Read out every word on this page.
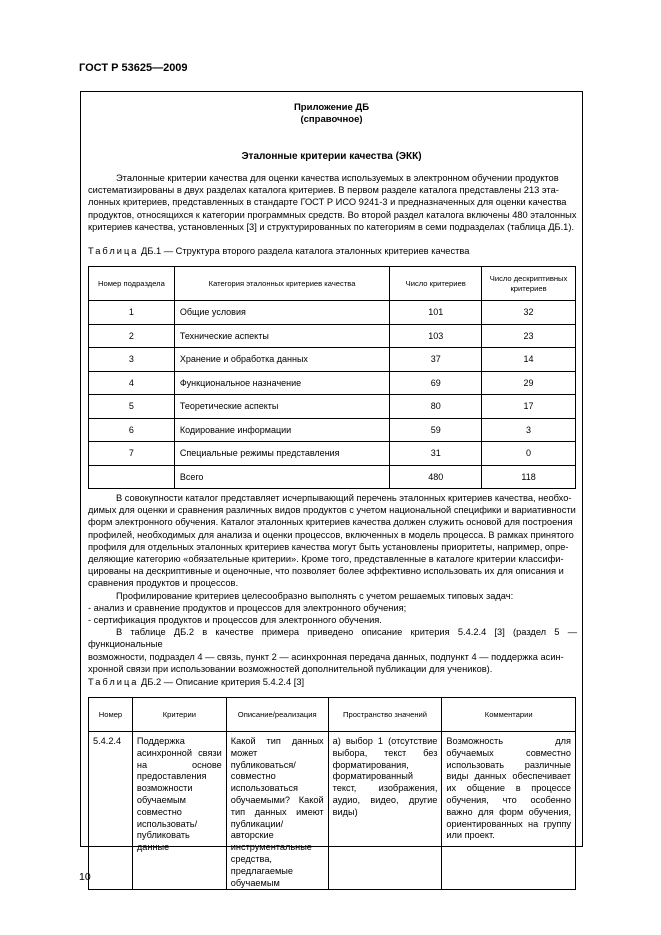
ГОСТ Р 53625—2009
Приложение ДБ
(справочное)
Эталонные критерии качества (ЭКК)
Эталонные критерии качества для оценки качества используемых в электронном обучении продуктов
систематизированы в двух разделах каталога критериев. В первом разделе каталога представлены 213 эта-
лонных критериев, представленных в стандарте ГОСТ Р ИСО 9241-3 и предназначенных для оценки качества
продуктов, относящихся к категории программных средств. Во второй раздел каталога включены 480 эталонных
критериев качества, установленных [3] и структурированных по категориям в семи подразделах (таблица ДБ.1).
Таблица ДБ.1 — Структура второго раздела каталога эталонных критериев качества
Номер подраздела	Категория эталонных критериев качества	Число критериев	Число дескриптивных критериев
1	Общие условия	101	32
2	Технические аспекты	103	23
3	Хранение и обработка данных	37	14
4	Функциональное назначение	69	29
5	Теоретические аспекты	80	17
6	Кодирование информации	59	3
7	Специальные режимы представления	31	0
	Всего	480	118
В совокупности каталог представляет исчерпывающий перечень эталонных критериев качества, необхо-
димых для оценки и сравнения различных видов продуктов с учетом национальной специфики и вариативности
форм электронного обучения. Каталог эталонных критериев качества должен служить основой для построения
профилей, необходимых для анализа и оценки процессов, включенных в модель процесса. В рамках принятого
профиля для отдельных эталонных критериев качества могут быть установлены приоритеты, например, опре-
деляющие категорию «обязательные критерии». Кроме того, представленные в каталоге критерии классифи-
цированы на дескриптивные и оценочные, что позволяет более эффективно использовать их для описания и
сравнения продуктов и процессов.
Профилирование критериев целесообразно выполнять с учетом решаемых типовых задач:
- анализ и сравнение продуктов и процессов для электронного обучения;
- сертификация продуктов и процессов для электронного обучения.
В таблице ДБ.2 в качестве примера приведено описание критерия 5.4.2.4 [3] (раздел 5 — функциональные
возможности, подраздел 4 — связь, пункт 2 — асинхронная передача данных, подпункт 4 — поддержка асин-
хронной связи при использовании возможностей дополнительной публикации для учеников).
Таблица ДБ.2 — Описание критерия 5.4.2.4 [3]
Номер	Критерии	Описание/реализация	Пространство значений	Комментарии
5.4.2.4	Поддержка асинхронной связи на основе предоставления возможности обучаемым совместно использовать/публиковать данные	Какой тип данных может публиковаться/совместно использоваться обучаемыми? Какой тип данных имеют публикации/авторские инструментальные средства, предлагаемые обучаемым	а) выбор 1 (отсутствие выбора, текст без форматирования, форматированный текст, изображения, аудио, видео, другие виды)	Возможность для обучаемых совместно использовать различные виды данных обеспечивает их общение в процессе обучения, что особенно важно для форм обучения, ориентированных на группу или проект.
10
